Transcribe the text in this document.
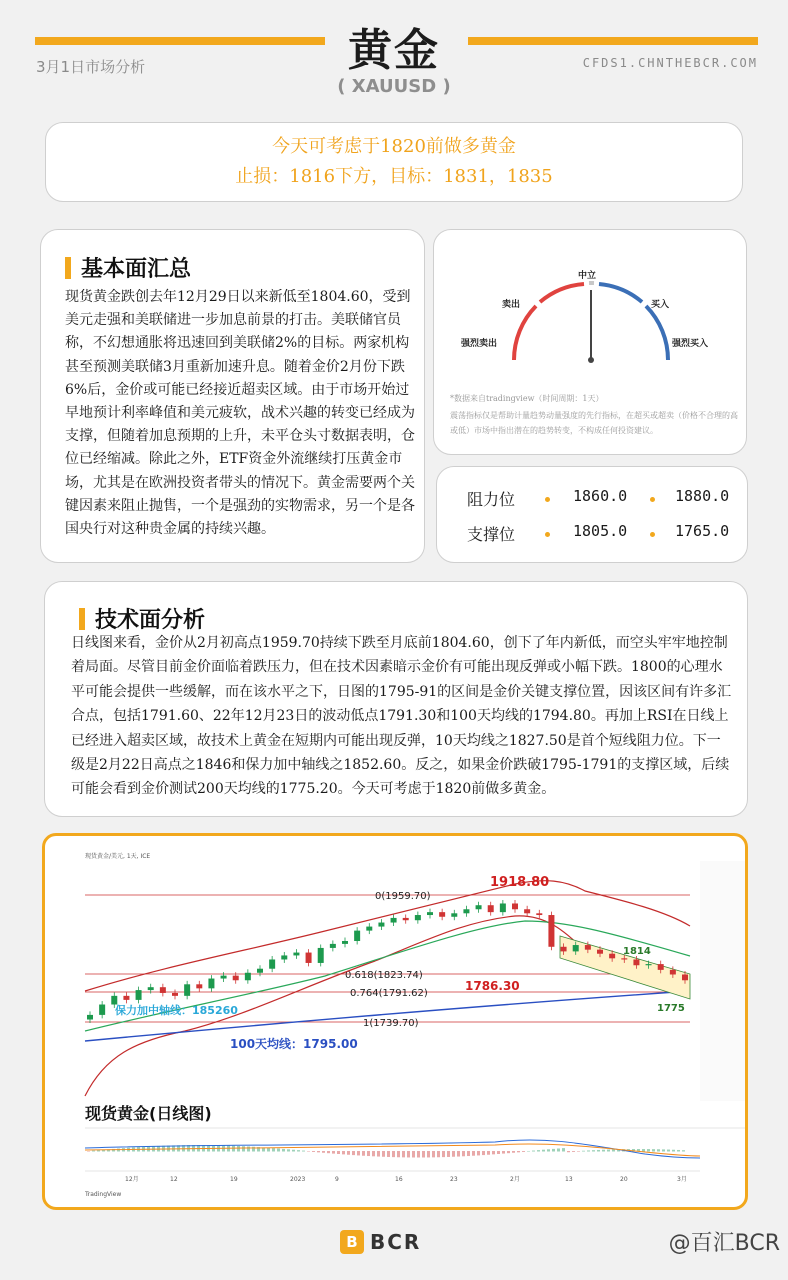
3月1日市场分析	黄金
( XAUUSD )
CFDS1.CHNTHEBCR.COM
今天可考虑于1820前做多黄金
止损：1816下方，目标：1831，1835
基本面汇总
现货黄金跌创去年12月29日以来新低至1804.60，受到美元走强和美联储进一步加息前景的打击。美联储官员称，不幻想通胀将迅速回到美联储2%的目标。两家机构甚至预测美联储3月重新加速升息。随着金价2月份下跌6%后，金价或可能已经接近超卖区域。由于市场开始过早地预计利率峰值和美元疲软，战术兴趣的转变已经成为支撑，但随着加息预期的上升，未平仓头寸数据表明，仓位已经缩减。除此之外，ETF资金外流继续打压黄金市场，尤其是在欧洲投资者带头的情况下。黄金需要两个关键因素来阻止抛售，一个是强劲的实物需求，另一个是各国央行对这种贵金属的持续兴趣。
强烈卖出
卖出
中立
买入
强烈买入
*数据来自tradingview（时间周期：1天）
震荡指标仅是帮助计量趋势动量强度的先行指标，在超买或超卖（价格不合理的高或低）市场中指出潜在的趋势转变，不构成任何投资建议。
阻力位	1860.0	1880.0
支撑位	1805.0	1765.0
技术面分析
日线图来看，金价从2月初高点1959.70持续下跌至月底前1804.60，创下了年内新低，而空头牢牢地控制着局面。尽管目前金价面临着跌压力，但在技术因素暗示金价有可能出现反弹或小幅下跌。1800的心理水平可能会提供一些缓解，而在该水平之下，日图的1795-91的区间是金价关键支撑位置，因该区间有许多汇合点，包括1791.60、22年12月23日的波动低点1791.30和100天均线的1794.80。再加上RSI在日线上已经进入超卖区域，故技术上黄金在短期内可能出现反弹，10天均线之1827.50是首个短线阻力位。下一级是2月22日高点之1846和保力加中轴线之1852.60。反之，如果金价跌破1795-1791的支撑区域，后续可能会看到金价测试200天均线的1775.20。今天可考虑于1820前做多黄金。
现货黄金/美元, 1天, ICE
0(1959.70)
0.618(1823.74)
0.764(1791.62)
1(1739.70)
1918.80
1786.30
1814
1775
保力加中轴线：185260
100天均线：1795.00
现货黄金(日线图)
12月	12	19	2023	9	16	23	2月	13	20	3月
TradingView
B BCR	@百汇BCR
